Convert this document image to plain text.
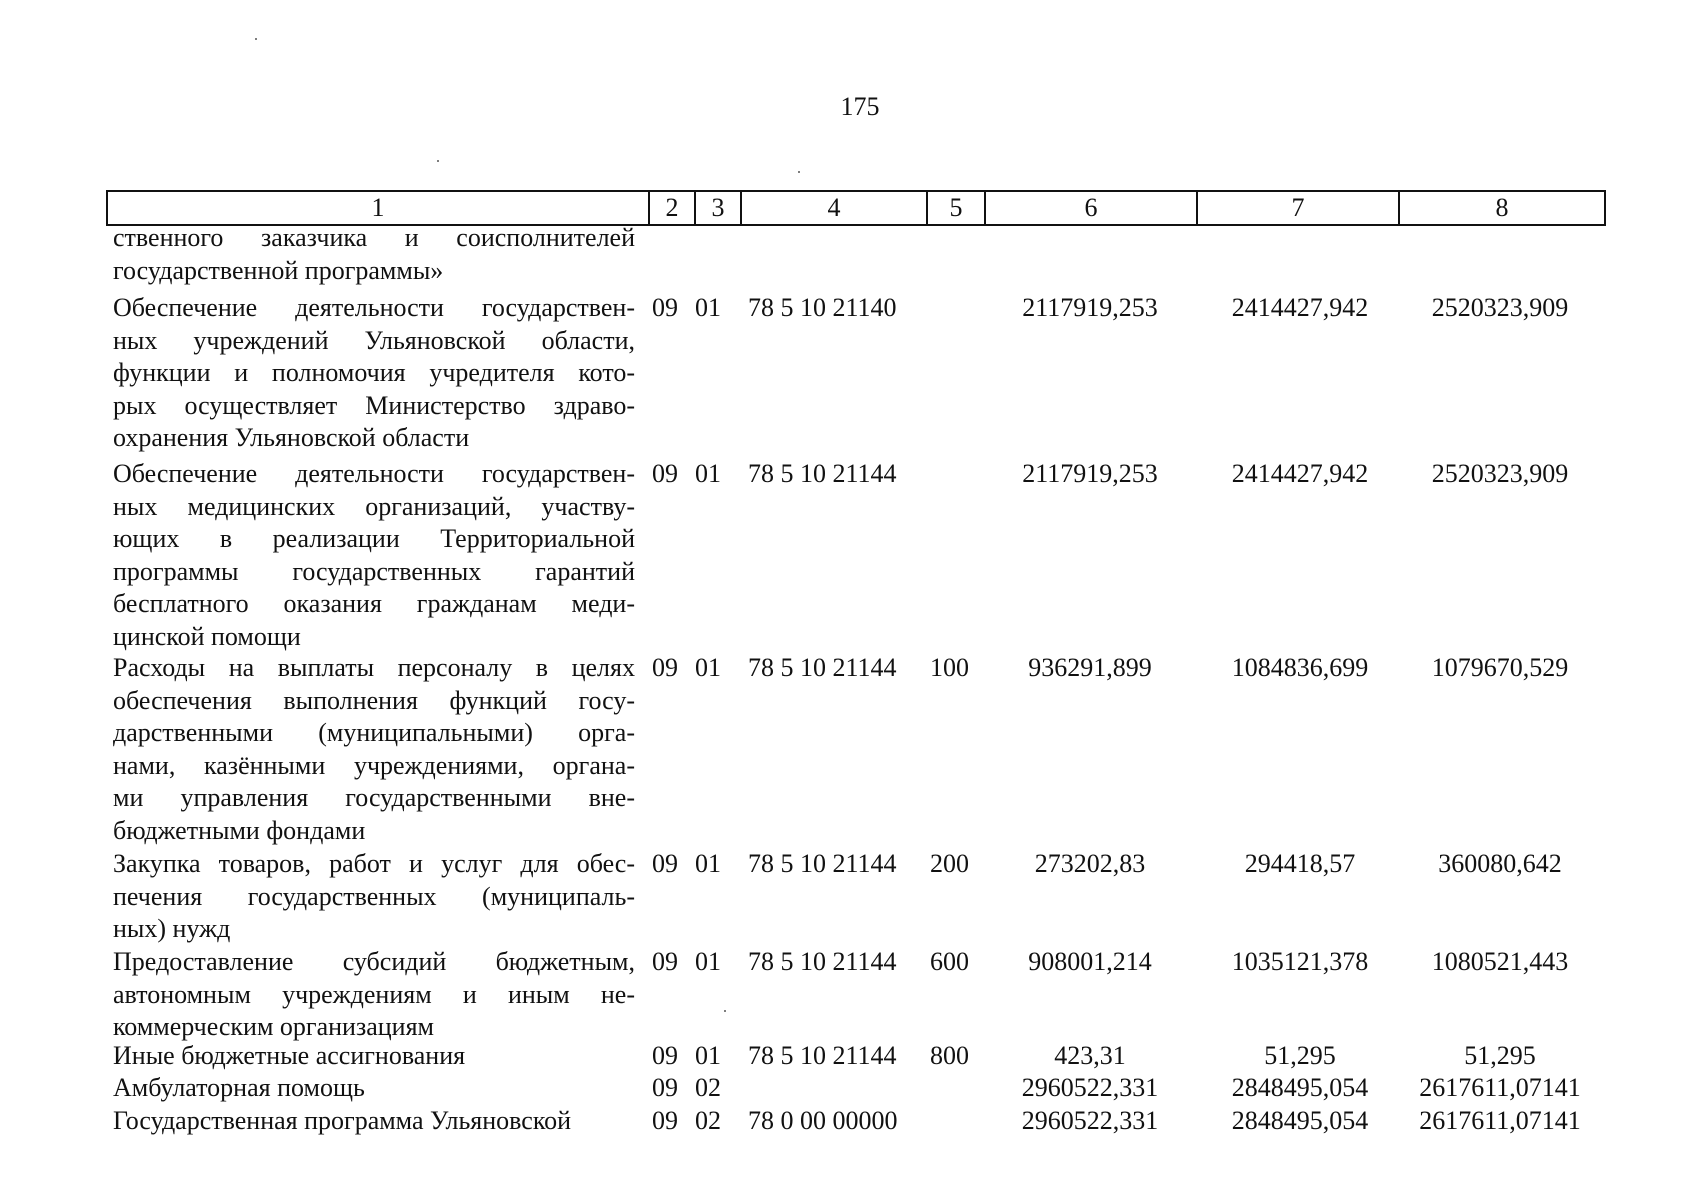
175
1	2	3	4	5	6	7	8
ственного заказчика и соисполнителей
государственной программы»
Обеспечение деятельности государствен-
ных учреждений Ульяновской области,
функции и полномочия учредителя кото-
рых осуществляет Министерство здраво-
охранения Ульяновской области
09 01 78 5 10 21140	2117919,253	2414427,942	2520323,909
Обеспечение деятельности государствен-
ных медицинских организаций, участву-
ющих в реализации Территориальной
программы государственных гарантий
бесплатного оказания гражданам меди-
цинской помощи
09 01 78 5 10 21144	2117919,253	2414427,942	2520323,909
Расходы на выплаты персоналу в целях
обеспечения выполнения функций госу-
дарственными (муниципальными) орга-
нами, казёнными учреждениями, органа-
ми управления государственными вне-
бюджетными фондами
09 01 78 5 10 21144 100	936291,899	1084836,699	1079670,529
Закупка товаров, работ и услуг для обес-
печения государственных (муниципаль-
ных) нужд
09 01 78 5 10 21144 200	273202,83	294418,57	360080,642
Предоставление субсидий бюджетным,
автономным учреждениям и иным не-
коммерческим организациям
09 01 78 5 10 21144 600	908001,214	1035121,378	1080521,443
Иные бюджетные ассигнования	09 01 78 5 10 21144 800	423,31	51,295	51,295
Амбулаторная помощь	09 02	2960522,331	2848495,054	2617611,07141
Государственная программа Ульяновской	09 02 78 0 00 00000	2960522,331	2848495,054	2617611,07141
